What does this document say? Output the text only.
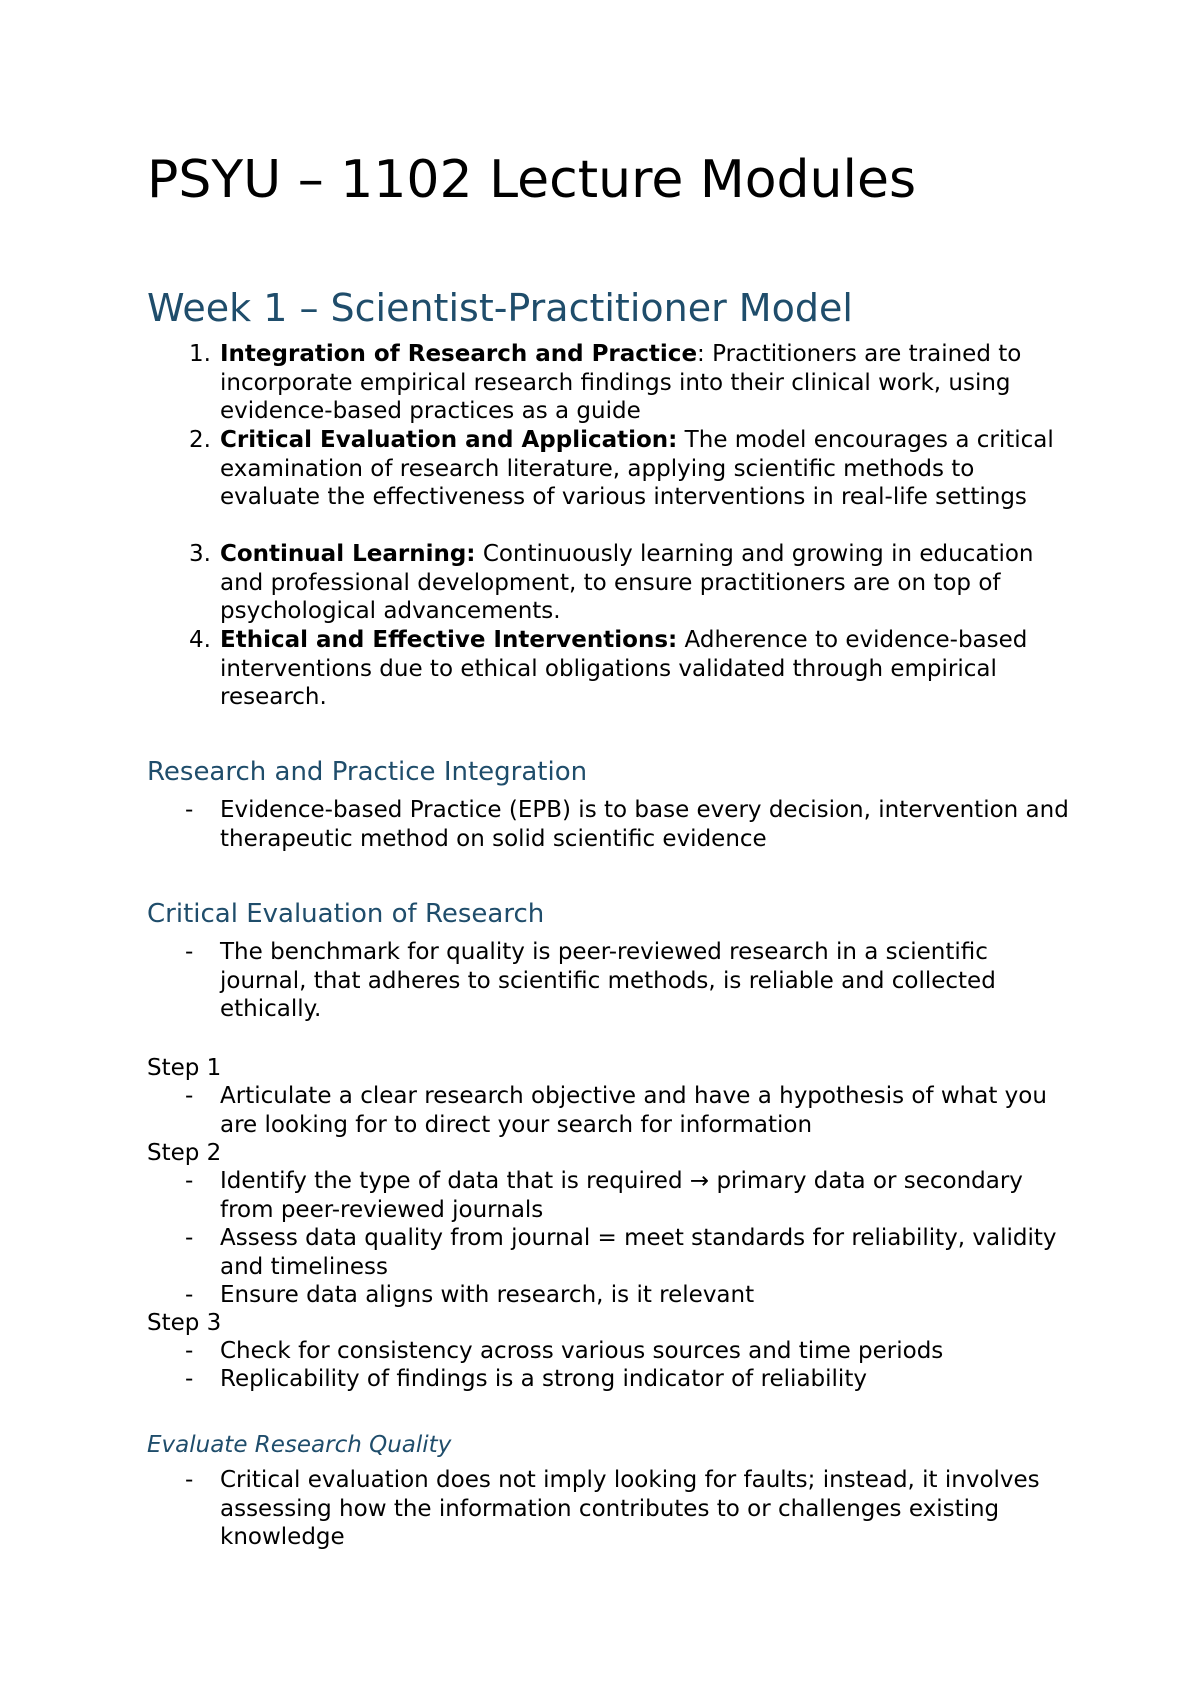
PSYU – 1102 Lecture Modules
Week 1 – Scientist-Practitioner Model
1. Integration of Research and Practice: Practitioners are trained to incorporate empirical research findings into their clinical work, using evidence-based practices as a guide
2. Critical Evaluation and Application: The model encourages a critical examination of research literature, applying scientific methods to evaluate the effectiveness of various interventions in real-life settings
3. Continual Learning: Continuously learning and growing in education and professional development, to ensure practitioners are on top of psychological advancements.
4. Ethical and Effective Interventions: Adherence to evidence-based interventions due to ethical obligations validated through empirical research.
Research and Practice Integration
- Evidence-based Practice (EPB) is to base every decision, intervention and therapeutic method on solid scientific evidence
Critical Evaluation of Research
- The benchmark for quality is peer-reviewed research in a scientific journal, that adheres to scientific methods, is reliable and collected ethically.
Step 1
- Articulate a clear research objective and have a hypothesis of what you are looking for to direct your search for information
Step 2
- Identify the type of data that is required → primary data or secondary from peer-reviewed journals
- Assess data quality from journal = meet standards for reliability, validity and timeliness
- Ensure data aligns with research, is it relevant
Step 3
- Check for consistency across various sources and time periods
- Replicability of findings is a strong indicator of reliability
Evaluate Research Quality
- Critical evaluation does not imply looking for faults; instead, it involves assessing how the information contributes to or challenges existing knowledge
